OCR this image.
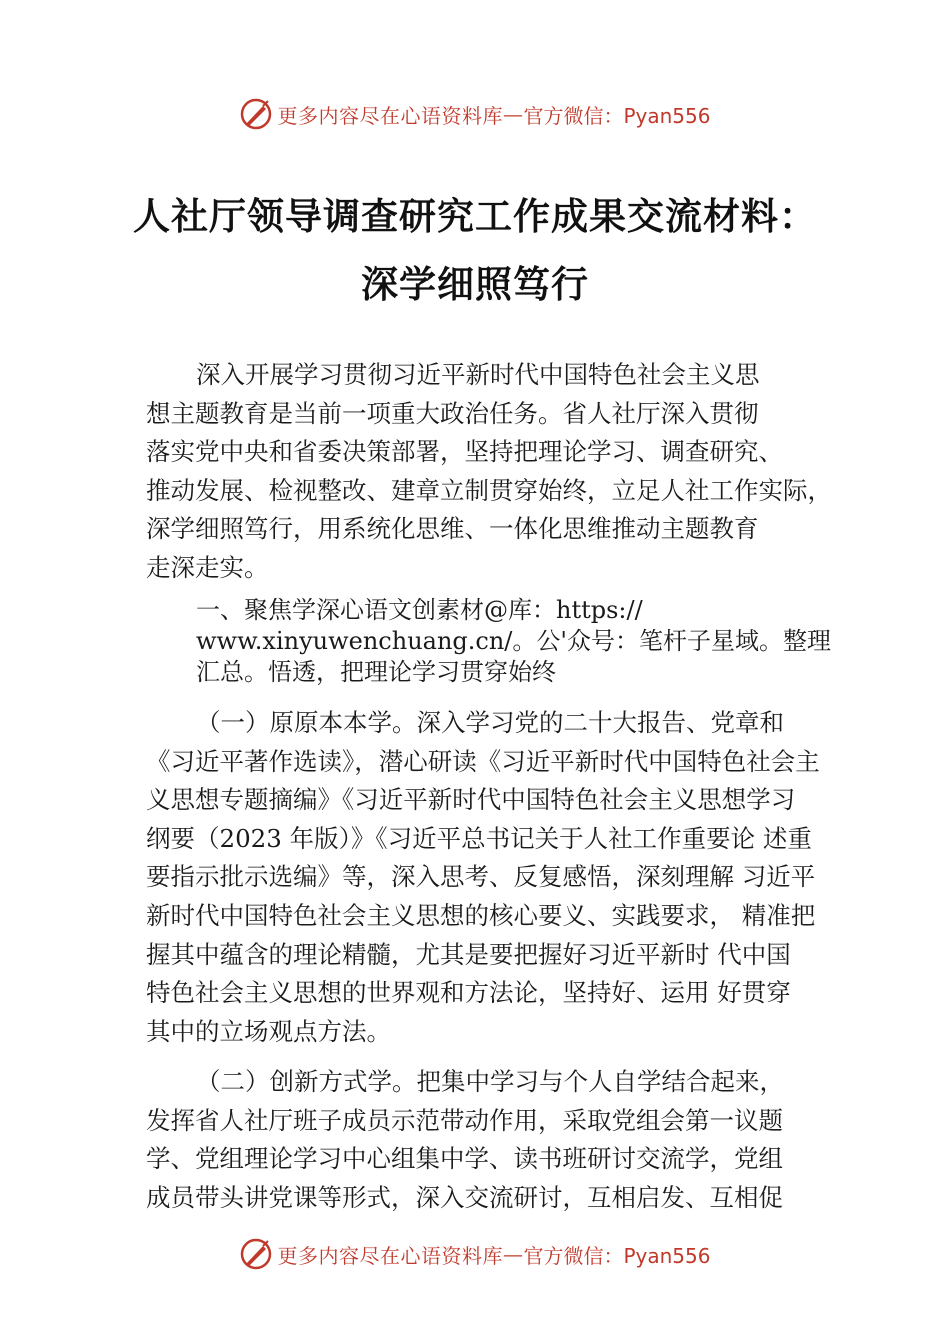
更多内容尽在心语资料库 — 官方微信：Pyan556
人社厅领导调查研究工作成果交流材料：
深学细照笃行
深入开展学习贯彻习近平新时代中国特色社会主义思
想主题教育是当前一项重大政治任务。省人社厅深入贯彻
落实党中央和省委决策部署，坚持把理论学习、调查研究、
推动发展、检视整改、建章立制贯穿始终，立足人社工作实际，
深学细照笃行，用系统化思维、一体化思维推动主题教育
走深走实。
一、聚焦学深心语文创素材@库：https://
www.xinyuwenchuang.cn/。公'众号：笔杆子星域。整理
汇总。悟透，把理论学习贯穿始终
（一）原原本本学。深入学习党的二十大报告、党章和
《习近平著作选读》，潜心研读《习近平新时代中国特色社会主
义思想专题摘编》《习近平新时代中国特色社会主义思想学习
纲要（2023 年版）》《习近平总书记关于人社工作重要论 述重
要指示批示选编》等，深入思考、反复感悟，深刻理解 习近平
新时代中国特色社会主义思想的核心要义、实践要求， 精准把
握其中蕴含的理论精髓，尤其是要把握好习近平新时 代中国
特色社会主义思想的世界观和方法论，坚持好、运用 好贯穿
其中的立场观点方法。
（二）创新方式学。把集中学习与个人自学结合起来，
发挥省人社厅班子成员示范带动作用，采取党组会第一议题
学、党组理论学习中心组集中学、读书班研讨交流学，党组
成员带头讲党课等形式，深入交流研讨，互相启发、互相促
更多内容尽在心语资料库 — 官方微信：Pyan556
